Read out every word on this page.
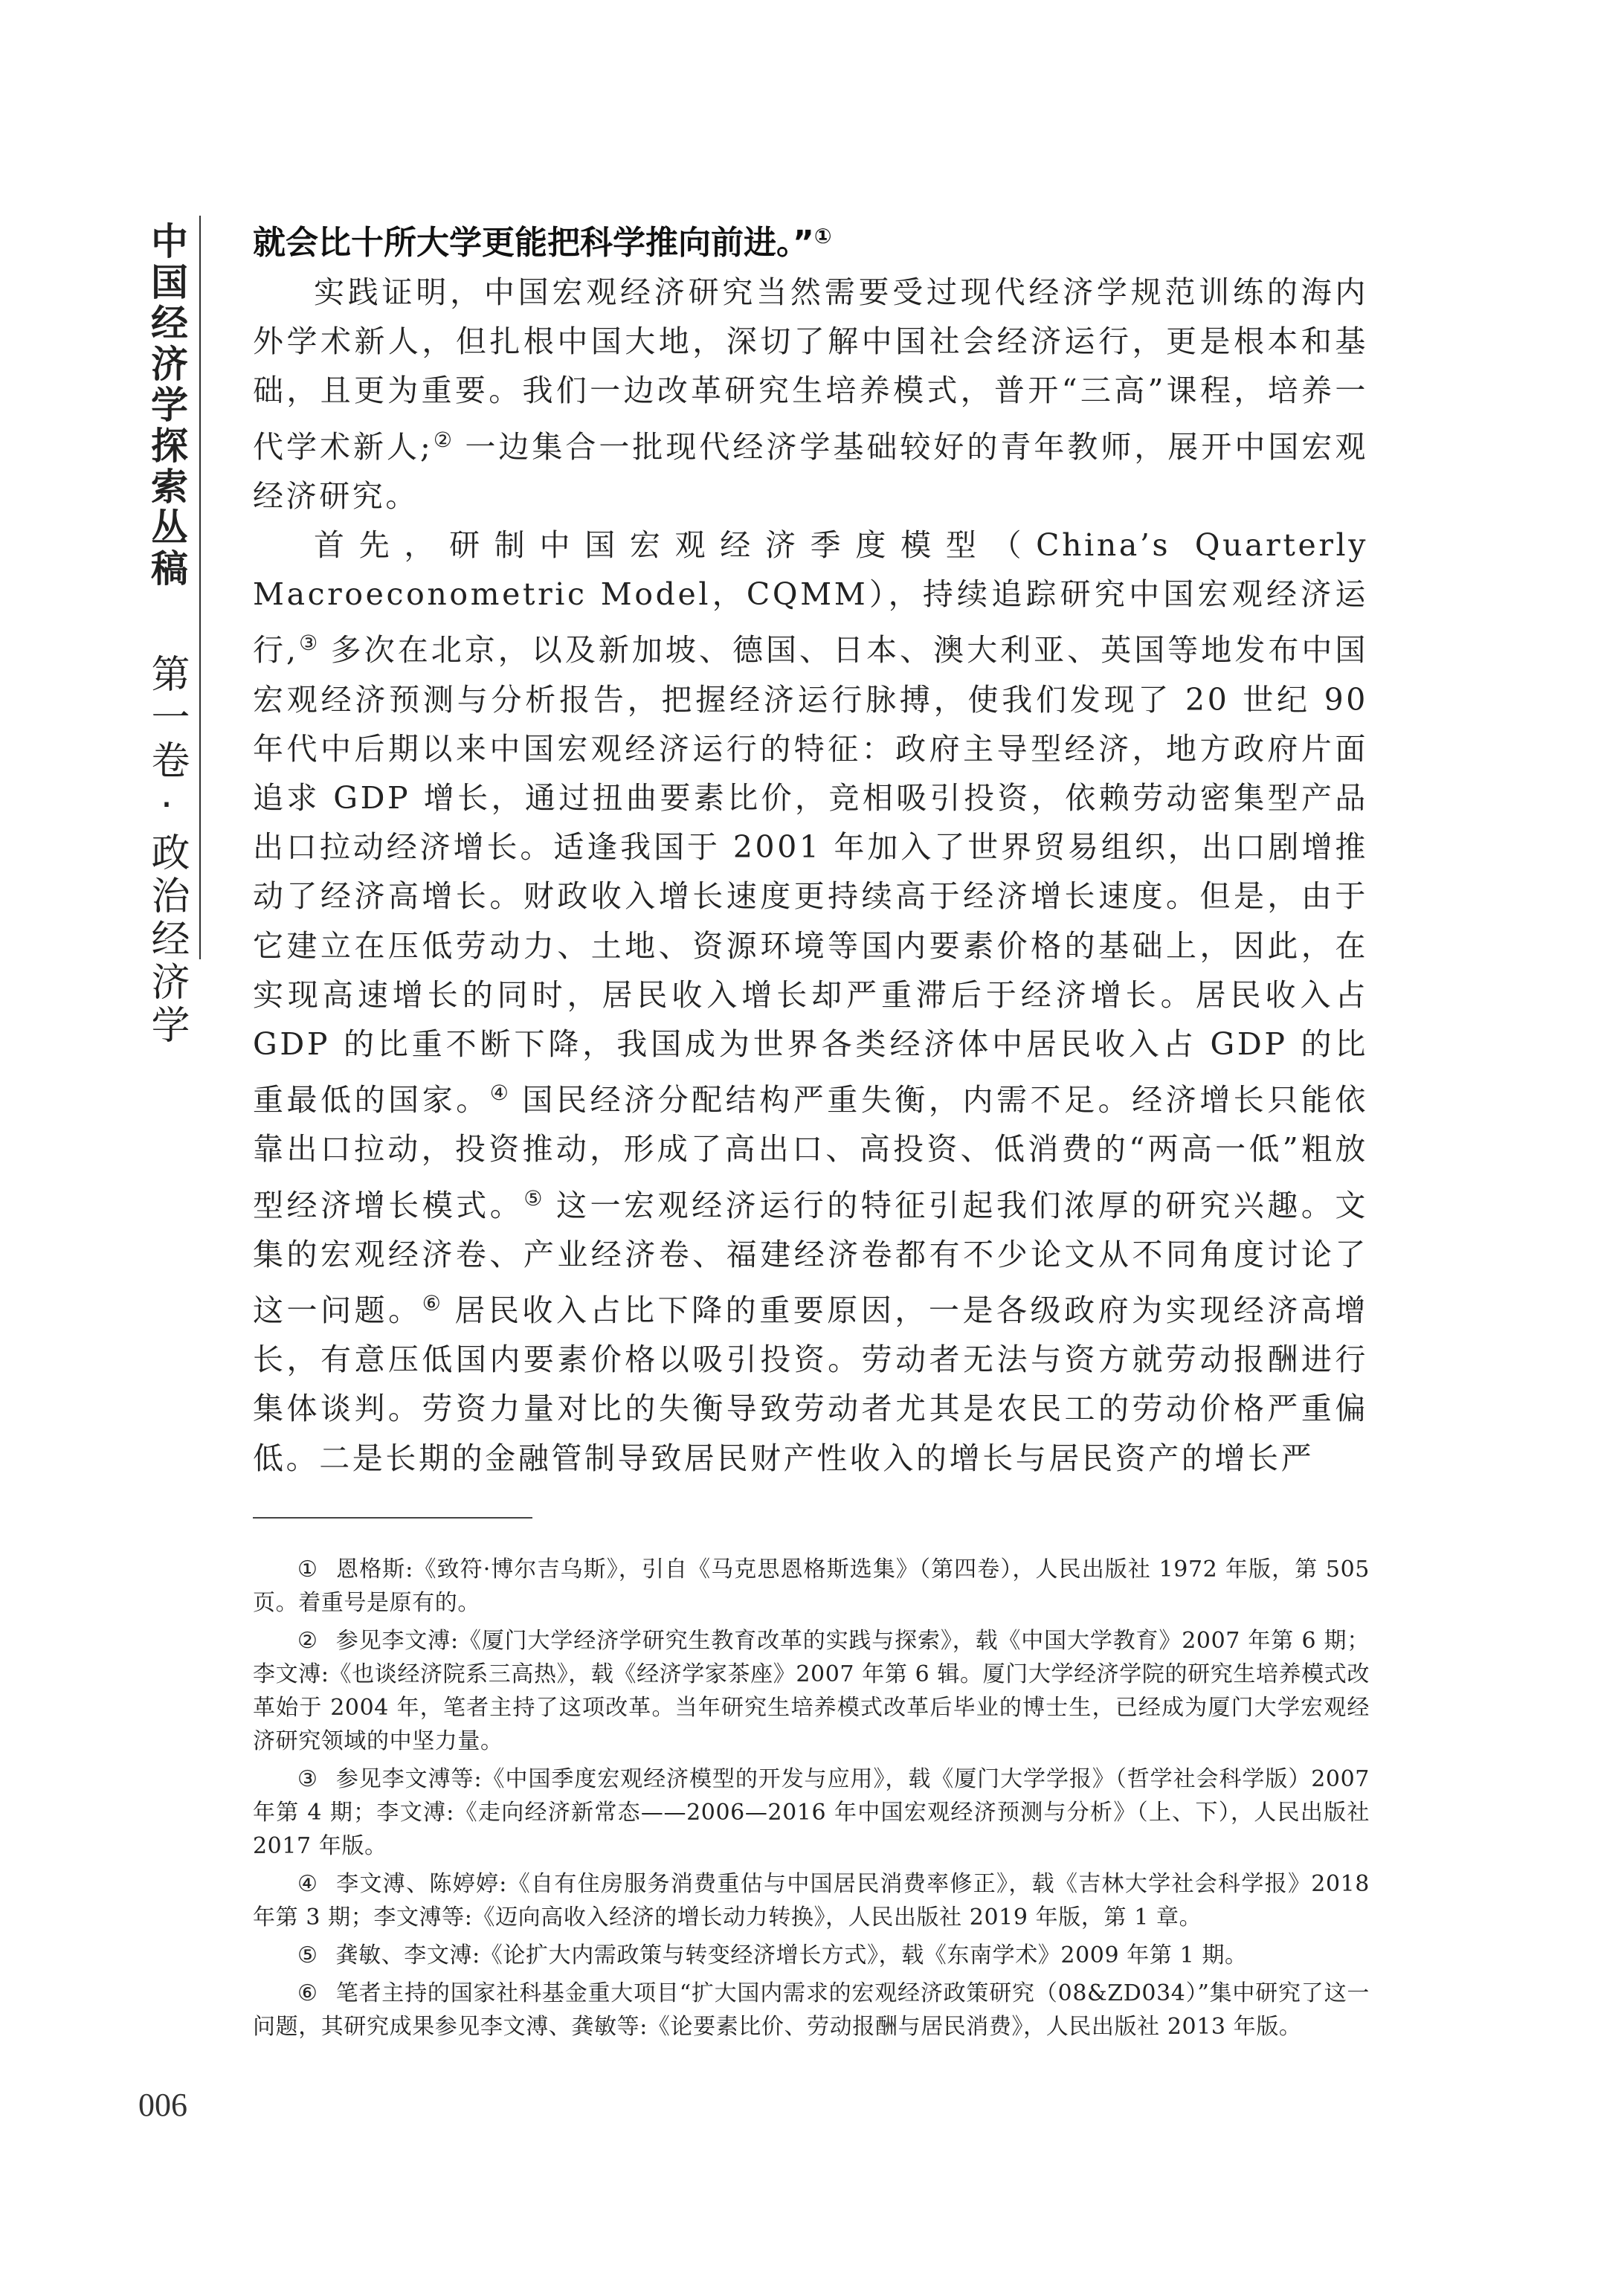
中国经济学探索丛稿
第一卷·政治经济学

就会比十所大学更能把科学推向前进。”①

实践证明，中国宏观经济研究当然需要受过现代经济学规范训练的海内外学术新人，但扎根中国大地，深切了解中国社会经济运行，更是根本和基础，且更为重要。我们一边改革研究生培养模式，普开“三高”课程，培养一代学术新人;② 一边集合一批现代经济学基础较好的青年教师，展开中国宏观经济研究。

首先，研制中国宏观经济季度模型（China’s Quarterly Macroeconometric Model，CQMM），持续追踪研究中国宏观经济运行,③ 多次在北京，以及新加坡、德国、日本、澳大利亚、英国等地发布中国宏观经济预测与分析报告，把握经济运行脉搏，使我们发现了 20 世纪 90 年代中后期以来中国宏观经济运行的特征：政府主导型经济，地方政府片面追求 GDP 增长，通过扭曲要素比价，竞相吸引投资，依赖劳动密集型产品出口拉动经济增长。适逢我国于 2001 年加入了世界贸易组织，出口剧增推动了经济高增长。财政收入增长速度更持续高于经济增长速度。但是，由于它建立在压低劳动力、土地、资源环境等国内要素价格的基础上，因此，在实现高速增长的同时，居民收入增长却严重滞后于经济增长。居民收入占 GDP 的比重不断下降，我国成为世界各类经济体中居民收入占 GDP 的比重最低的国家。④ 国民经济分配结构严重失衡，内需不足。经济增长只能依靠出口拉动，投资推动，形成了高出口、高投资、低消费的“两高一低”粗放型经济增长模式。⑤ 这一宏观经济运行的特征引起我们浓厚的研究兴趣。文集的宏观经济卷、产业经济卷、福建经济卷都有不少论文从不同角度讨论了这一问题。⑥ 居民收入占比下降的重要原因，一是各级政府为实现经济高增长，有意压低国内要素价格以吸引投资。劳动者无法与资方就劳动报酬进行集体谈判。劳资力量对比的失衡导致劳动者尤其是农民工的劳动价格严重偏低。二是长期的金融管制导致居民财产性收入的增长与居民资产的增长严

① 恩格斯:《致符·博尔吉乌斯》，引自《马克思恩格斯选集》（第四卷），人民出版社 1972 年版，第 505 页。着重号是原有的。

② 参见李文溥:《厦门大学经济学研究生教育改革的实践与探索》，载《中国大学教育》2007 年第 6 期；李文溥:《也谈经济院系三高热》，载《经济学家茶座》2007 年第 6 辑。厦门大学经济学院的研究生培养模式改革始于 2004 年，笔者主持了这项改革。当年研究生培养模式改革后毕业的博士生，已经成为厦门大学宏观经济研究领域的中坚力量。

③ 参见李文溥等:《中国季度宏观经济模型的开发与应用》，载《厦门大学学报》（哲学社会科学版）2007 年第 4 期；李文溥:《走向经济新常态——2006—2016 年中国宏观经济预测与分析》（上、下），人民出版社 2017 年版。

④ 李文溥、陈婷婷:《自有住房服务消费重估与中国居民消费率修正》，载《吉林大学社会科学报》2018 年第 3 期；李文溥等:《迈向高收入经济的增长动力转换》，人民出版社 2019 年版，第 1 章。

⑤ 龚敏、李文溥:《论扩大内需政策与转变经济增长方式》，载《东南学术》2009 年第 1 期。

⑥ 笔者主持的国家社科基金重大项目“扩大国内需求的宏观经济政策研究（08&ZD034）”集中研究了这一问题，其研究成果参见李文溥、龚敏等:《论要素比价、劳动报酬与居民消费》，人民出版社 2013 年版。

006
